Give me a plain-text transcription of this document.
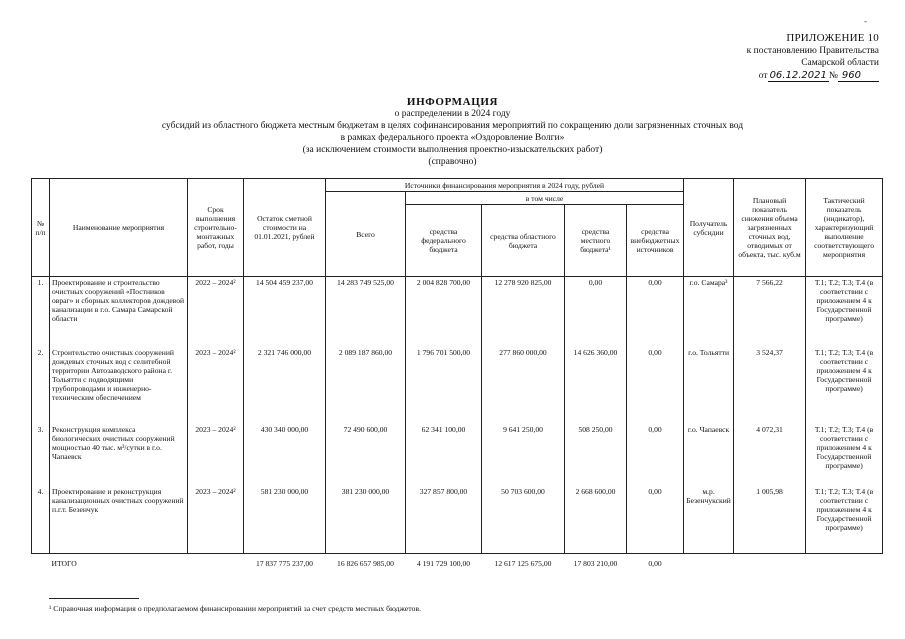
-
ПРИЛОЖЕНИЕ 10
к постановлению Правительства
Самарской области
от 06.12.2021 № 960
ИНФОРМАЦИЯ
о распределении в 2024 году
субсидий из областного бюджета местным бюджетам в целях софинансирования мероприятий по сокращению доли загрязненных сточных вод
в рамках федерального проекта «Оздоровление Волги»
(за исключением стоимости выполнения проектно-изыскательских работ)
(справочно)
№ п/п	Наименование мероприятия	Срок выполнения строительно-монтажных работ, годы	Остаток сметной стоимости на 01.01.2021, рублей	Источники финансирования мероприятия в 2024 году, рублей					Получатель субсидии	Плановый показатель снижения объема загрязненных сточных вод, отводимых от объекта, тыс. куб.м	Тактический показатель (индикатор), характеризующий выполнение соответствующего мероприятия
				Всего	в том числе						
					средства федерального бюджета	средства областного бюджета	средства местного бюджета¹	средства внебюджетных источников			
1.	Проектирование и строительство очистных сооружений «Постников овраг» и сборных коллекторов дождевой канализации в г.о. Самара Самарской области	2022 – 2024²	14 504 459 237,00	14 283 749 525,00	2 004 828 700,00	12 278 920 825,00	0,00	0,00	г.о. Самара³	7 566,22	Т.1; Т.2; Т.3; Т.4 (в соответствии с приложением 4 к Государственной программе)
2.	Строительство очистных сооружений дождевых сточных вод с селитебной территории Автозаводского района г. Тольятти с подводящими трубопроводами и инженерно-техническим обеспечением	2023 – 2024²	2 321 746 000,00	2 089 187 860,00	1 796 701 500,00	277 860 000,00	14 626 360,00	0,00	г.о. Тольятти	3 524,37	Т.1; Т.2; Т.3; Т.4 (в соответствии с приложением 4 к Государственной программе)
3.	Реконструкция комплекса биологических очистных сооружений мощностью 40 тыс. м³/сутки в г.о. Чапаевск	2023 – 2024²	430 340 000,00	72 490 600,00	62 341 100,00	9 641 250,00	508 250,00	0,00	г.о. Чапаевск	4 072,31	Т.1; Т.2; Т.3; Т.4 (в соответствии с приложением 4 к Государственной программе)
4.	Проектирование и реконструкция канализационных очистных сооружений п.г.т. Безенчук	2023 – 2024²	581 230 000,00	381 230 000,00	327 857 800,00	50 703 600,00	2 668 600,00	0,00	м.р. Безенчукский	1 005,98	Т.1; Т.2; Т.3; Т.4 (в соответствии с приложением 4 к Государственной программе)
	ИТОГО		17 837 775 237,00	16 826 657 985,00	4 191 729 100,00	12 617 125 675,00	17 803 210,00	0,00			
¹ Справочная информация о предполагаемом финансировании мероприятий за счет средств местных бюджетов.
